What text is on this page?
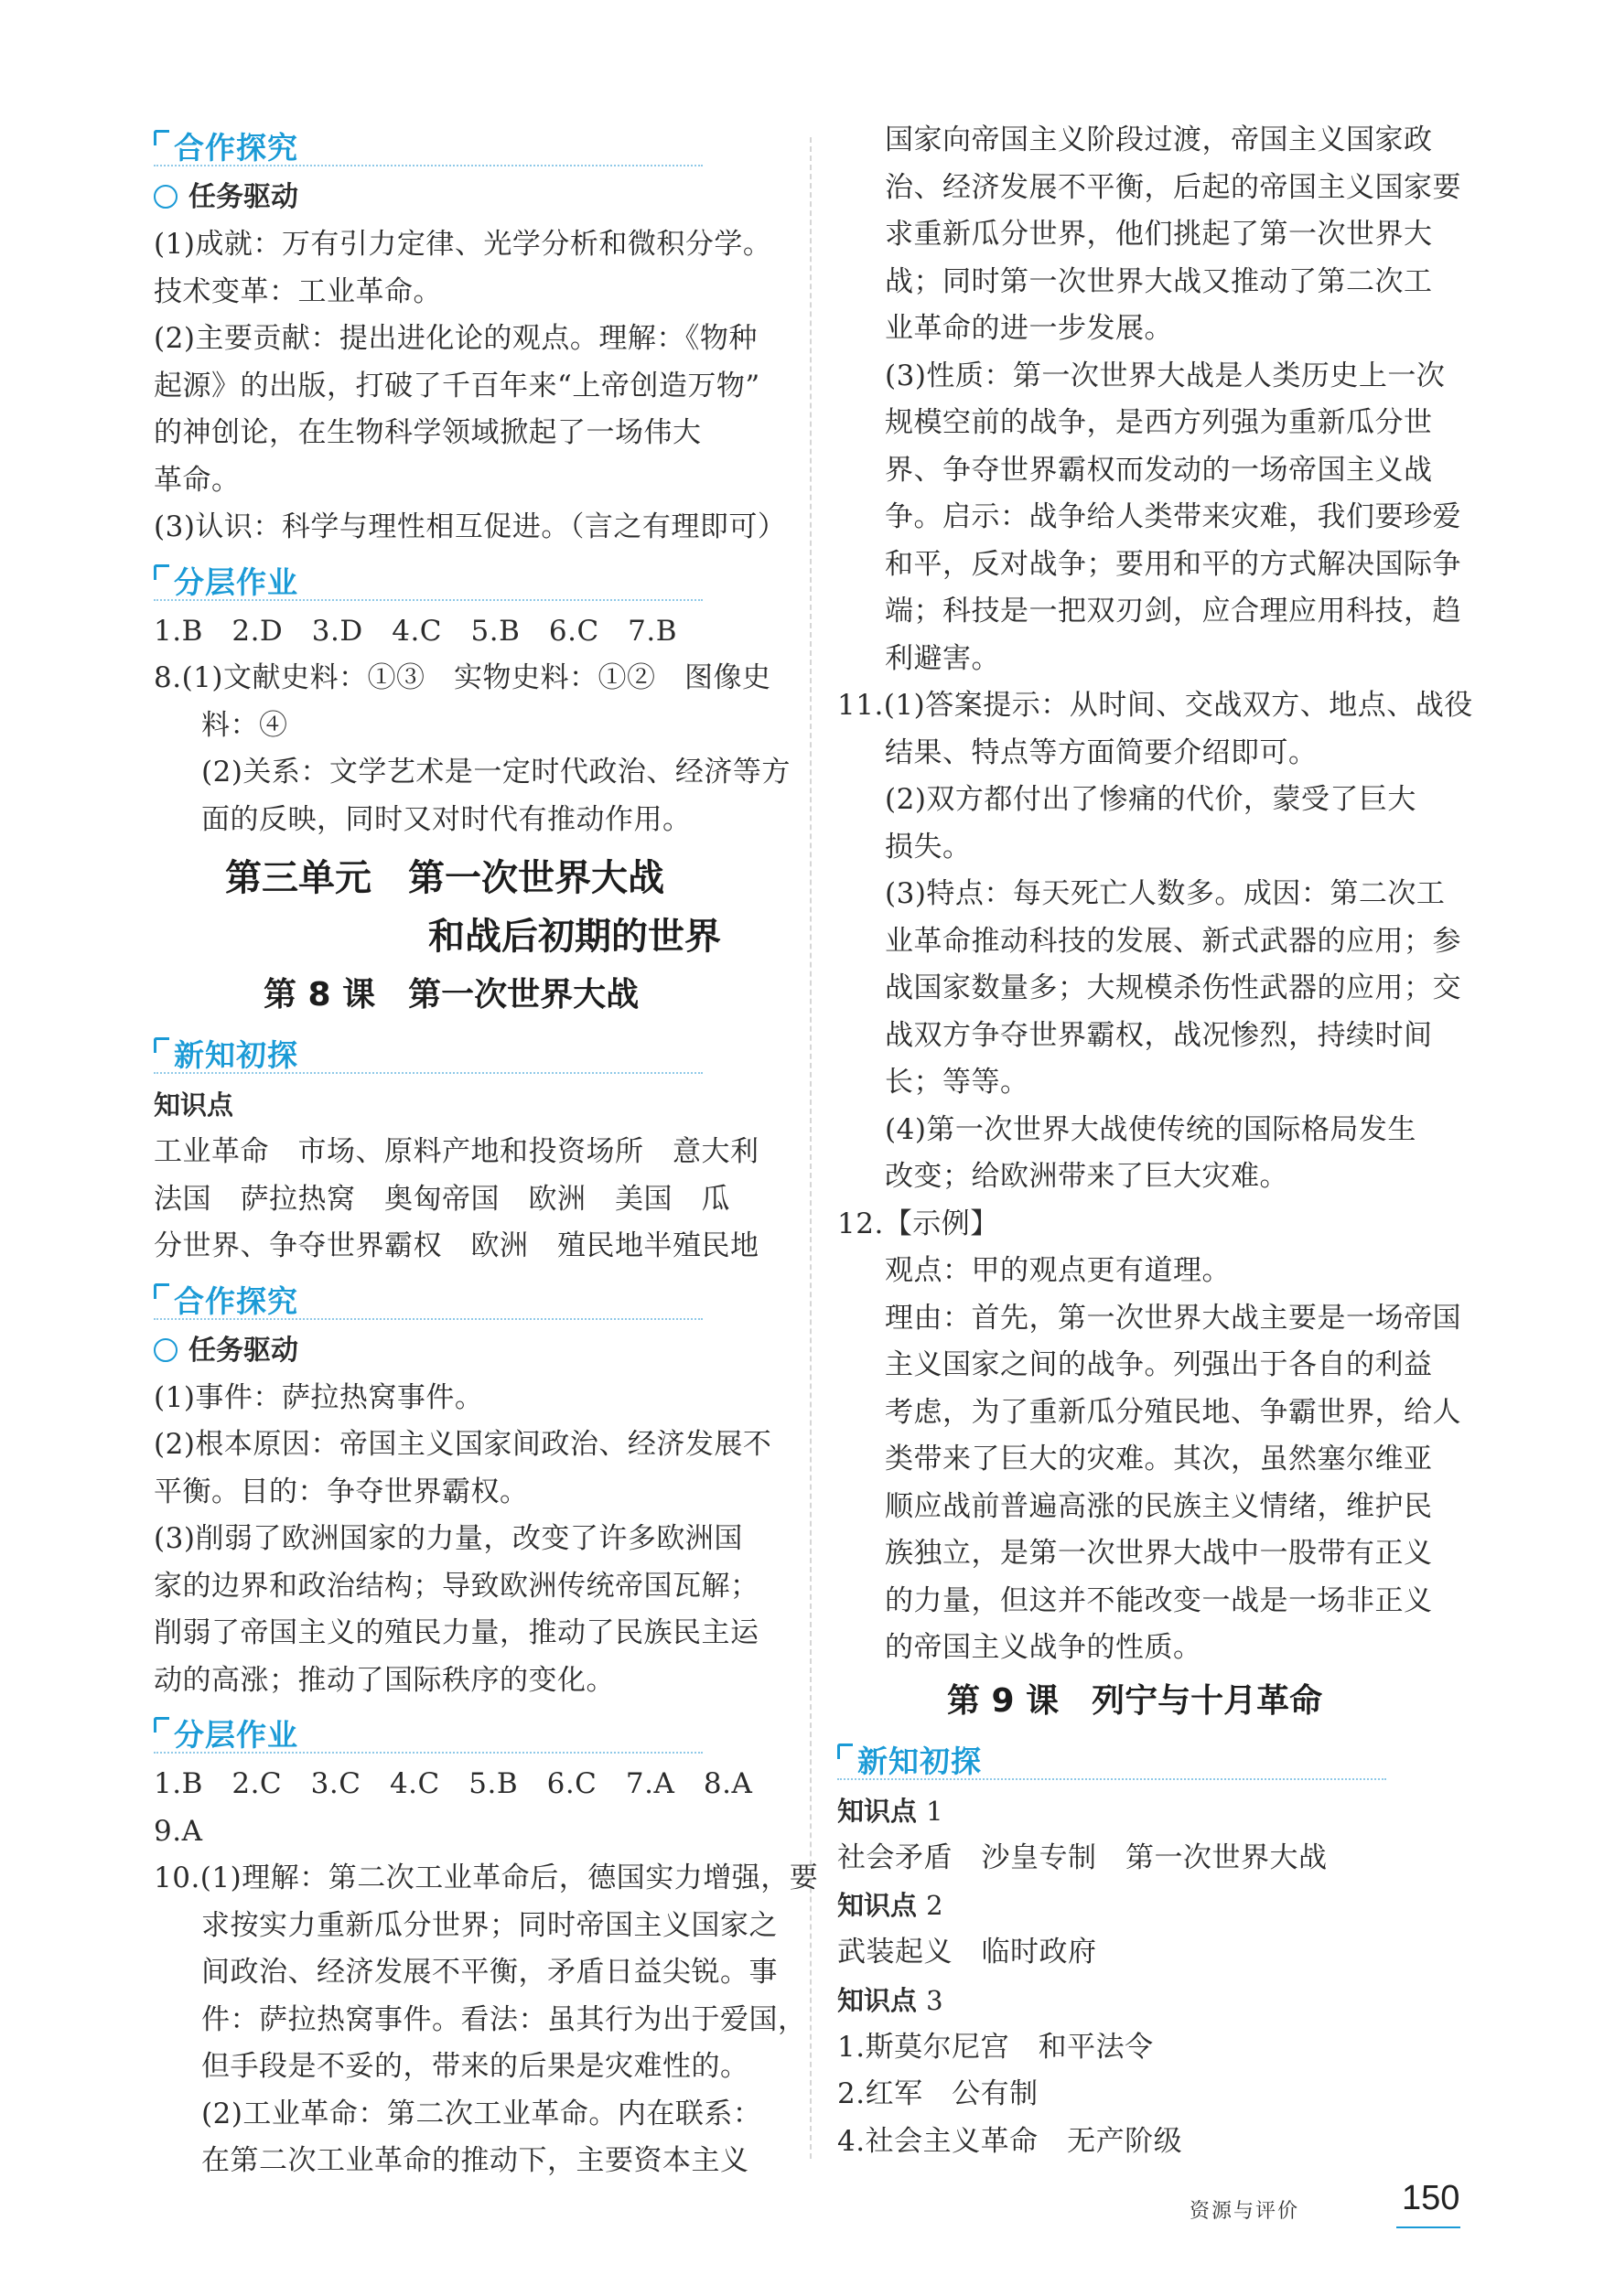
合作探究
任务驱动
(1)成就：万有引力定律、光学分析和微积分学。
技术变革：工业革命。
(2)主要贡献：提出进化论的观点。理解：《物种
起源》的出版，打破了千百年来“上帝创造万物”
的神创论，在生物科学领域掀起了一场伟大
革命。
(3)认识：科学与理性相互促进。（言之有理即可）
分层作业
1.B　2.D　3.D　4.C　5.B　6.C　7.B
8.(1)文献史料：①③　实物史料：①②　图像史
料：④
(2)关系：文学艺术是一定时代政治、经济等方
面的反映，同时又对时代有推动作用。
第三单元　第一次世界大战
和战后初期的世界
第 8 课　第一次世界大战
新知初探
知识点
工业革命　市场、原料产地和投资场所　意大利
法国　萨拉热窝　奥匈帝国　欧洲　美国　瓜
分世界、争夺世界霸权　欧洲　殖民地半殖民地
合作探究
任务驱动
(1)事件：萨拉热窝事件。
(2)根本原因：帝国主义国家间政治、经济发展不
平衡。目的：争夺世界霸权。
(3)削弱了欧洲国家的力量，改变了许多欧洲国
家的边界和政治结构；导致欧洲传统帝国瓦解；
削弱了帝国主义的殖民力量，推动了民族民主运
动的高涨；推动了国际秩序的变化。
分层作业
1.B　2.C　3.C　4.C　5.B　6.C　7.A　8.A
9.A
10.(1)理解：第二次工业革命后，德国实力增强，要
求按实力重新瓜分世界；同时帝国主义国家之
间政治、经济发展不平衡，矛盾日益尖锐。事
件：萨拉热窝事件。看法：虽其行为出于爱国，
但手段是不妥的，带来的后果是灾难性的。
(2)工业革命：第二次工业革命。内在联系：
在第二次工业革命的推动下，主要资本主义
国家向帝国主义阶段过渡，帝国主义国家政
治、经济发展不平衡，后起的帝国主义国家要
求重新瓜分世界，他们挑起了第一次世界大
战；同时第一次世界大战又推动了第二次工
业革命的进一步发展。
(3)性质：第一次世界大战是人类历史上一次
规模空前的战争，是西方列强为重新瓜分世
界、争夺世界霸权而发动的一场帝国主义战
争。启示：战争给人类带来灾难，我们要珍爱
和平，反对战争；要用和平的方式解决国际争
端；科技是一把双刃剑，应合理应用科技，趋
利避害。
11.(1)答案提示：从时间、交战双方、地点、战役
结果、特点等方面简要介绍即可。
(2)双方都付出了惨痛的代价，蒙受了巨大
损失。
(3)特点：每天死亡人数多。成因：第二次工
业革命推动科技的发展、新式武器的应用；参
战国家数量多；大规模杀伤性武器的应用；交
战双方争夺世界霸权，战况惨烈，持续时间
长；等等。
(4)第一次世界大战使传统的国际格局发生
改变；给欧洲带来了巨大灾难。
12.【示例】
观点：甲的观点更有道理。
理由：首先，第一次世界大战主要是一场帝国
主义国家之间的战争。列强出于各自的利益
考虑，为了重新瓜分殖民地、争霸世界，给人
类带来了巨大的灾难。其次，虽然塞尔维亚
顺应战前普遍高涨的民族主义情绪，维护民
族独立，是第一次世界大战中一股带有正义
的力量，但这并不能改变一战是一场非正义
的帝国主义战争的性质。
第 9 课　列宁与十月革命
新知初探
知识点 1
社会矛盾　沙皇专制　第一次世界大战
知识点 2
武装起义　临时政府
知识点 3
1.斯莫尔尼宫　和平法令
2.红军　公有制
4.社会主义革命　无产阶级
资源与评价	150
